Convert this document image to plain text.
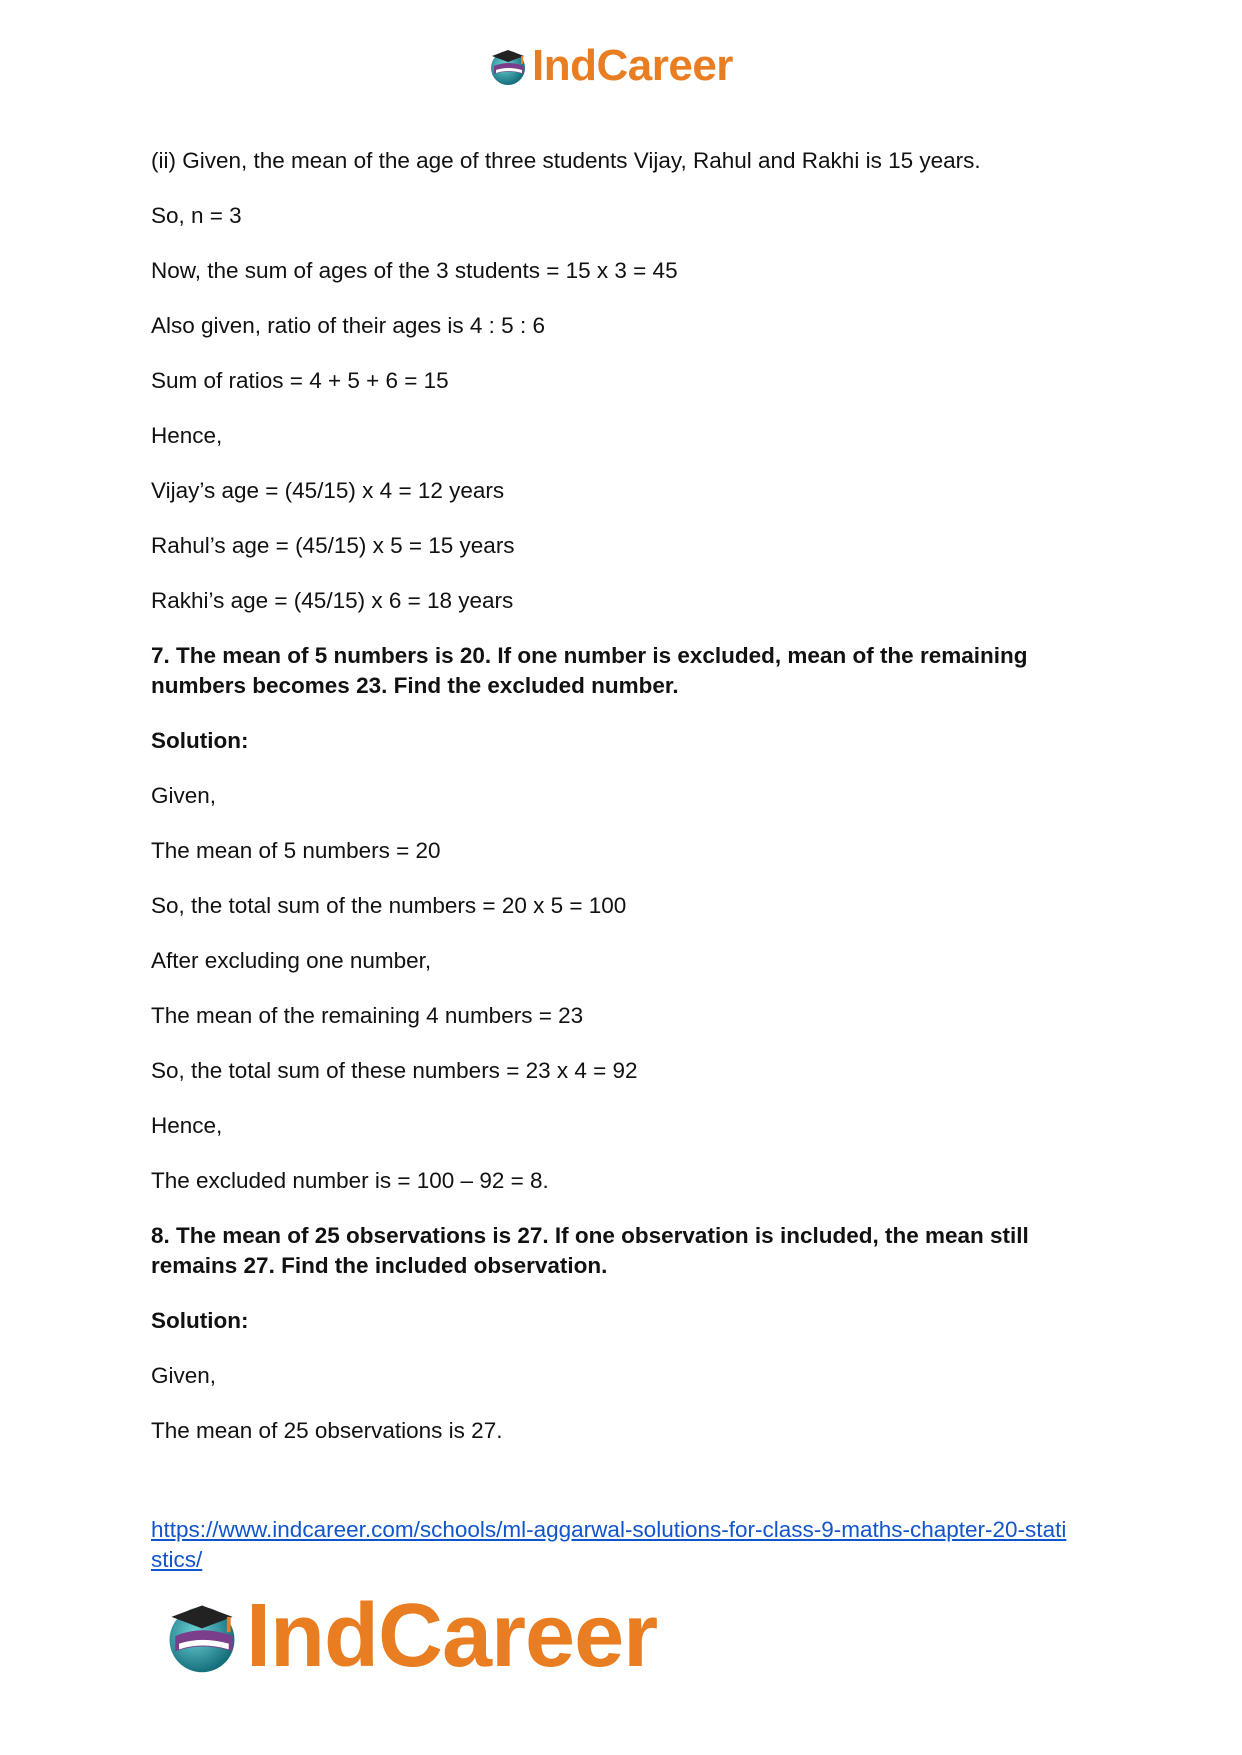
IndCareer
(ii) Given, the mean of the age of three students Vijay, Rahul and Rakhi is 15 years.
So, n = 3
Now, the sum of ages of the 3 students = 15 x 3 = 45
Also given, ratio of their ages is 4 : 5 : 6
Sum of ratios = 4 + 5 + 6 = 15
Hence,
Vijay’s age = (45/15) x 4 = 12 years
Rahul’s age = (45/15) x 5 = 15 years
Rakhi’s age = (45/15) x 6 = 18 years
7. The mean of 5 numbers is 20. If one number is excluded, mean of the remaining
numbers becomes 23. Find the excluded number.
Solution:
Given,
The mean of 5 numbers = 20
So, the total sum of the numbers = 20 x 5 = 100
After excluding one number,
The mean of the remaining 4 numbers = 23
So, the total sum of these numbers = 23 x 4 = 92
Hence,
The excluded number is = 100 – 92 = 8.
8. The mean of 25 observations is 27. If one observation is included, the mean still
remains 27. Find the included observation.
Solution:
Given,
The mean of 25 observations is 27.
https://www.indcareer.com/schools/ml-aggarwal-solutions-for-class-9-maths-chapter-20-stati
stics/
IndCareer
